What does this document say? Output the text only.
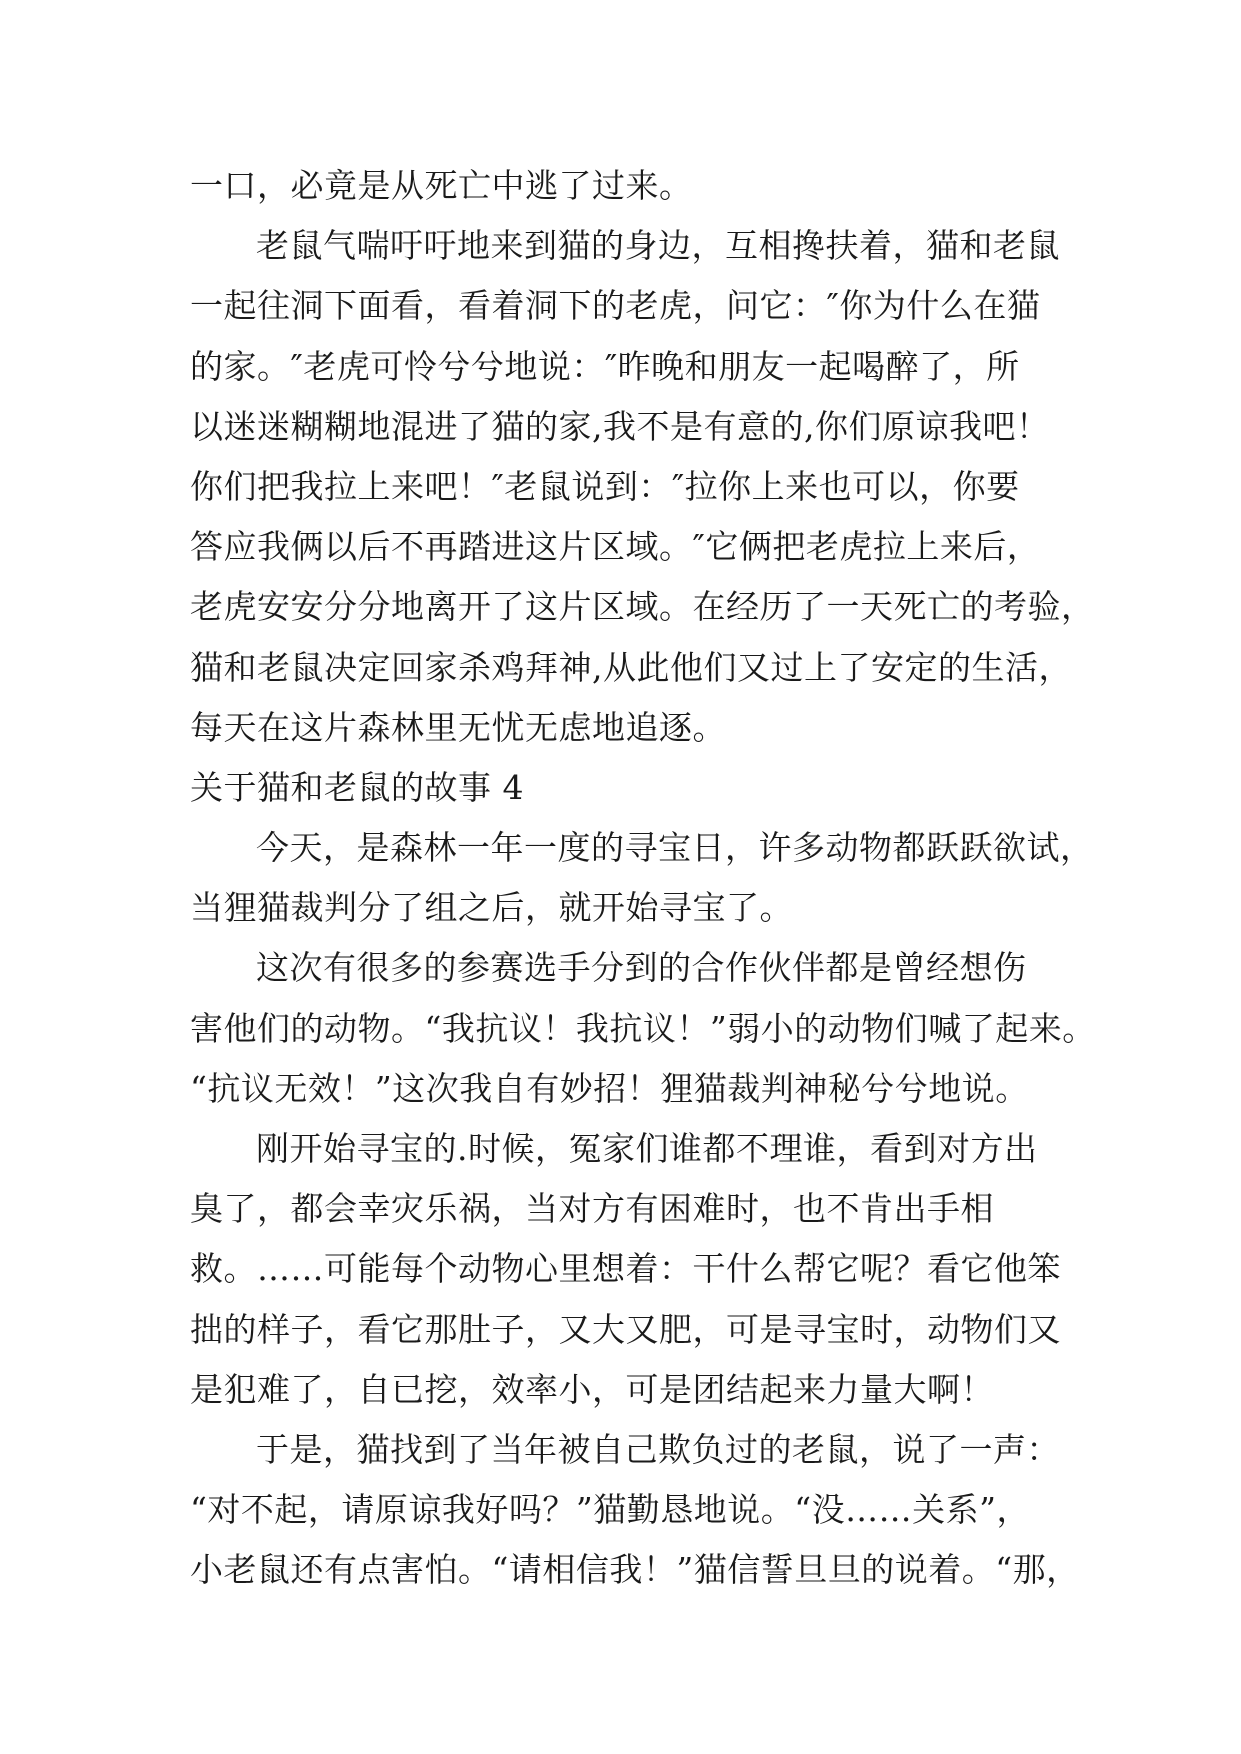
一口，必竟是从死亡中逃了过来。
老鼠气喘吁吁地来到猫的身边，互相搀扶着，猫和老鼠
一起往洞下面看，看着洞下的老虎，问它：″你为什么在猫
的家。″老虎可怜兮兮地说：″昨晚和朋友一起喝醉了，所
以迷迷糊糊地混进了猫的家,我不是有意的,你们原谅我吧！
你们把我拉上来吧！″老鼠说到：″拉你上来也可以，你要
答应我俩以后不再踏进这片区域。″它俩把老虎拉上来后，
老虎安安分分地离开了这片区域。在经历了一天死亡的考验，
猫和老鼠决定回家杀鸡拜神,从此他们又过上了安定的生活，
每天在这片森林里无忧无虑地追逐。
关于猫和老鼠的故事 4
今天，是森林一年一度的寻宝日，许多动物都跃跃欲试，
当狸猫裁判分了组之后，就开始寻宝了。
这次有很多的参赛选手分到的合作伙伴都是曾经想伤
害他们的动物。“我抗议！我抗议！”弱小的动物们喊了起来。
“抗议无效！”这次我自有妙招！狸猫裁判神秘兮兮地说。
刚开始寻宝的.时候，冤家们谁都不理谁，看到对方出
臭了，都会幸灾乐祸，当对方有困难时，也不肯出手相
救。……可能每个动物心里想着：干什么帮它呢？看它他笨
拙的样子，看它那肚子，又大又肥，可是寻宝时，动物们又
是犯难了，自已挖，效率小，可是团结起来力量大啊！
于是，猫找到了当年被自己欺负过的老鼠，说了一声：
“对不起，请原谅我好吗？”猫勤恳地说。“没……关系”，
小老鼠还有点害怕。“请相信我！”猫信誓旦旦的说着。“那，
